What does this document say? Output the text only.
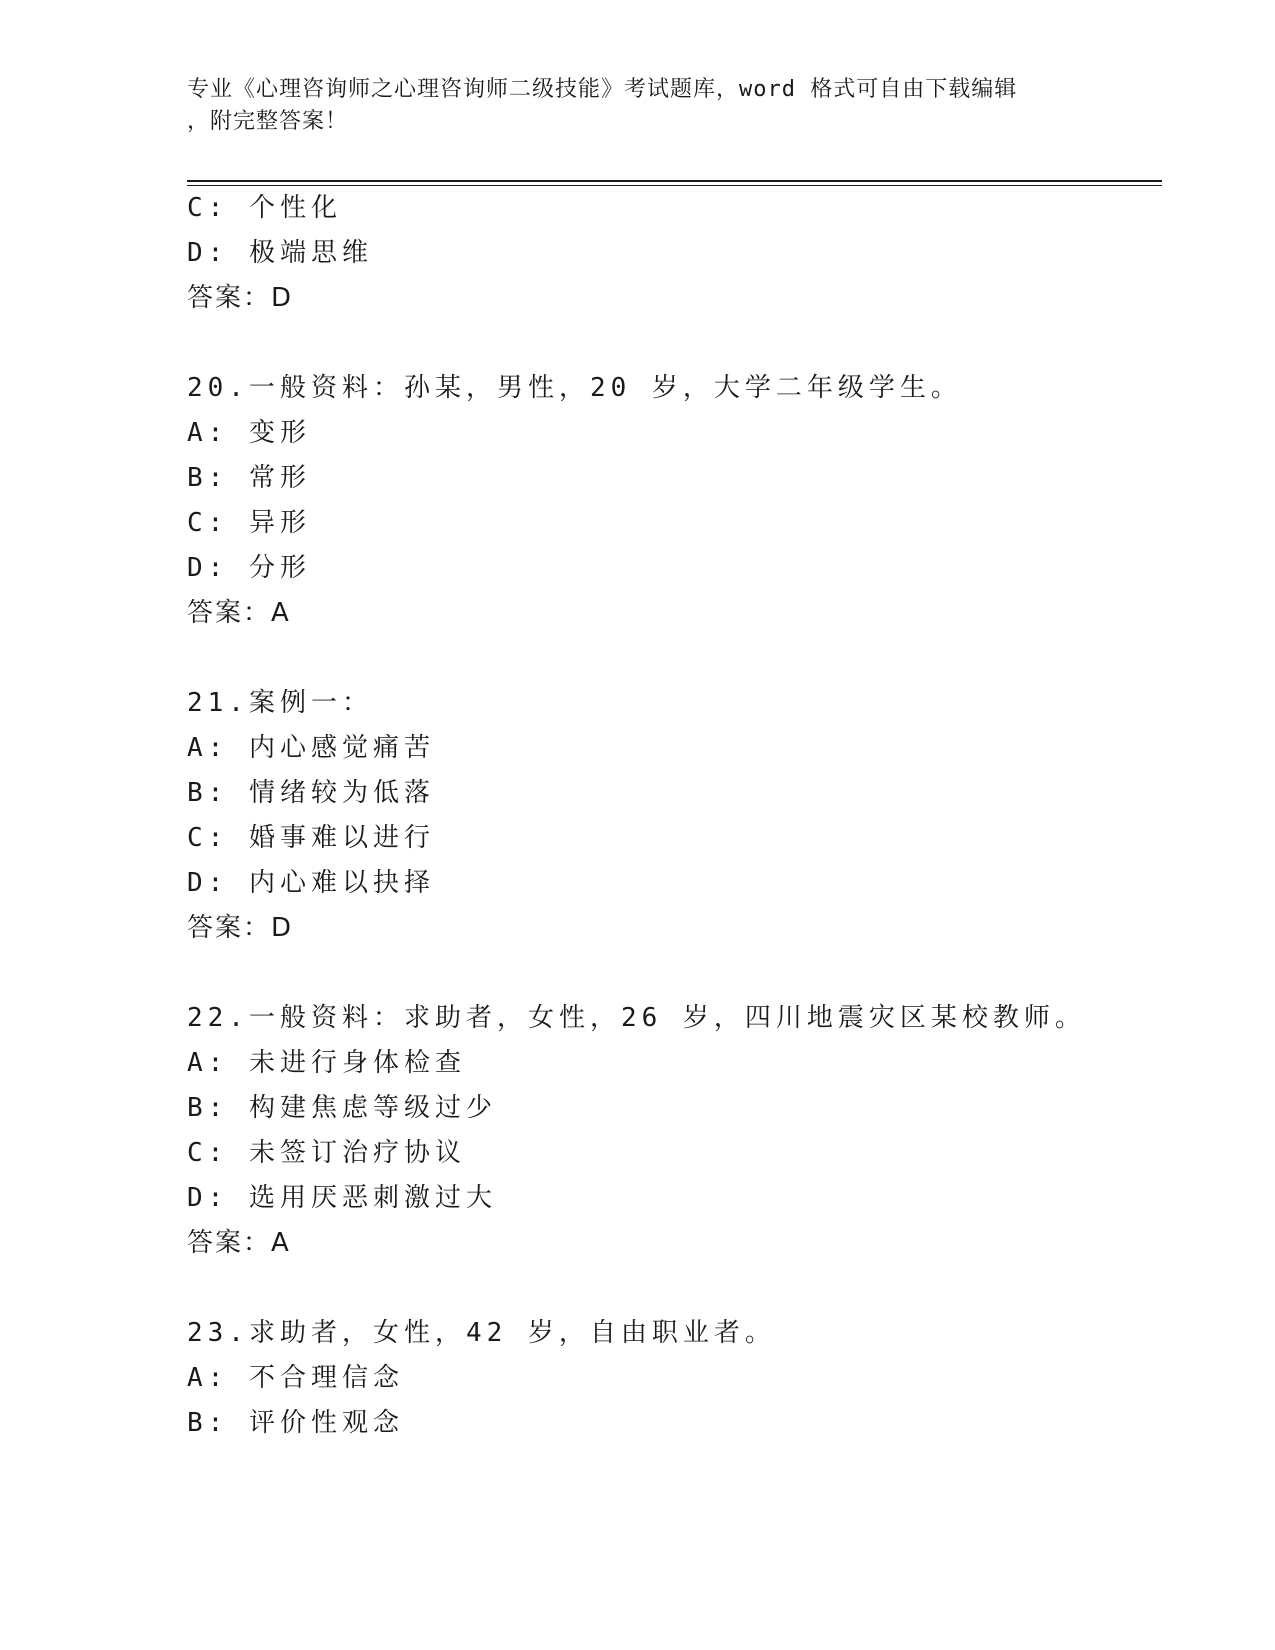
专业《心理咨询师之心理咨询师二级技能》考试题库，word 格式可自由下载编辑
，附完整答案！
C: 个性化
D: 极端思维
答案：D
20.一般资料：孙某，男性，20 岁，大学二年级学生。
A: 变形
B: 常形
C: 异形
D: 分形
答案：A
21.案例一：
A: 内心感觉痛苦
B: 情绪较为低落
C: 婚事难以进行
D: 内心难以抉择
答案：D
22.一般资料：求助者，女性，26 岁，四川地震灾区某校教师。
A: 未进行身体检查
B: 构建焦虑等级过少
C: 未签订治疗协议
D: 选用厌恶刺激过大
答案：A
23.求助者，女性，42 岁，自由职业者。
A: 不合理信念
B: 评价性观念
